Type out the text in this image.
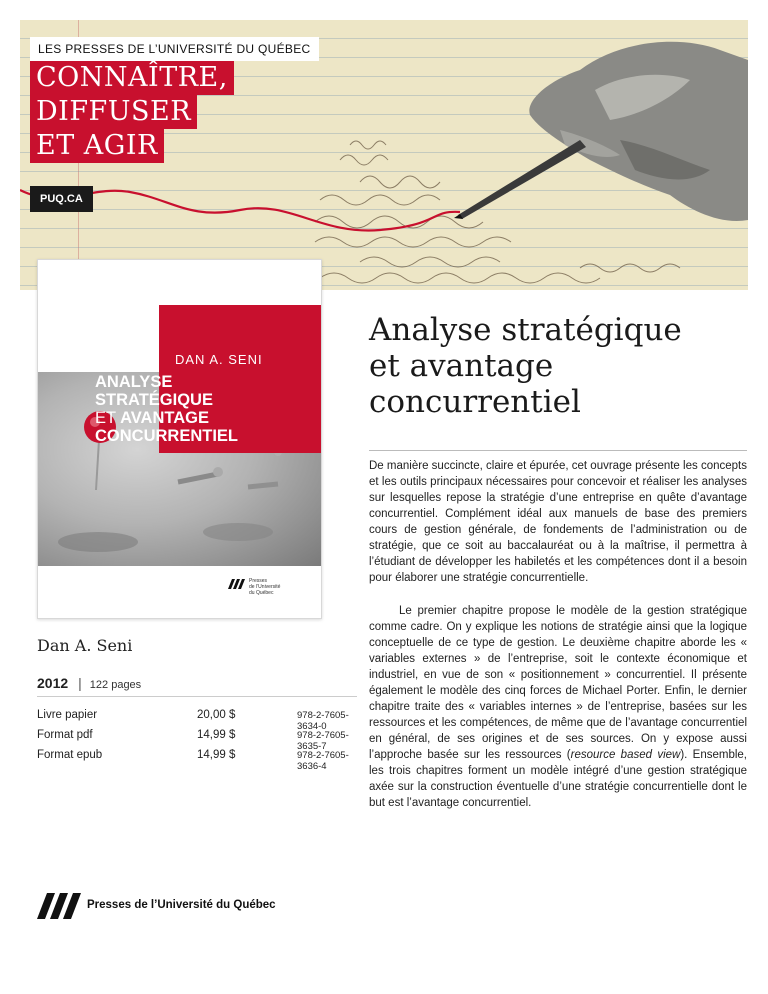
LES PRESSES DE L’UNIVERSITÉ DU QUÉBEC
CONNAÎTRE,
DIFFUSER
ET AGIR
PUQ.CA
DAN A. SENI
ANALYSE
STRATÉGIQUE
ET AVANTAGE
CONCURRENTIEL
Presses
de l’Université
du Québec
Analyse stratégique
et avantage
concurrentiel
De manière succincte, claire et épurée, cet ouvrage présente les concepts et les outils principaux nécessaires pour concevoir et réaliser les analyses sur lesquelles repose la stratégie d’une entreprise en quête d’avantage concurrentiel. Complément idéal aux manuels de base des premiers cours de gestion générale, de fondements de l’administration ou de stratégie, que ce soit au baccalauréat ou à la maîtrise, il permettra à l’étudiant de développer les habiletés et les compétences dont il a besoin pour élaborer une stratégie concurrentielle.
Le premier chapitre propose le modèle de la gestion stratégique comme cadre. On y explique les notions de stratégie ainsi que la logique conceptuelle de ce type de gestion. Le deuxième chapitre aborde les « variables externes » de l’entreprise, soit le contexte économique et industriel, en vue de son « positionnement » concurrentiel. Il présente également le modèle des cinq forces de Michael Porter. Enfin, le dernier chapitre traite des « variables internes » de l’entreprise, basées sur les ressources et les compétences, de même que de l’avantage concurrentiel en général, de ses origines et de ses sources. On y expose aussi l’approche basée sur les ressources (resource based view). Ensemble, les trois chapitres forment un modèle intégré d’une gestion stratégique axée sur la construction éventuelle d’une stratégie concurrentielle dont le but est l’avantage concurrentiel.
Dan A. Seni
2012 | 122 pages
Livre papier	20,00 $	978-2-7605-3634-0
Format pdf	14,99 $	978-2-7605-3635-7
Format epub	14,99 $	978-2-7605-3636-4
Presses de l’Université du Québec
